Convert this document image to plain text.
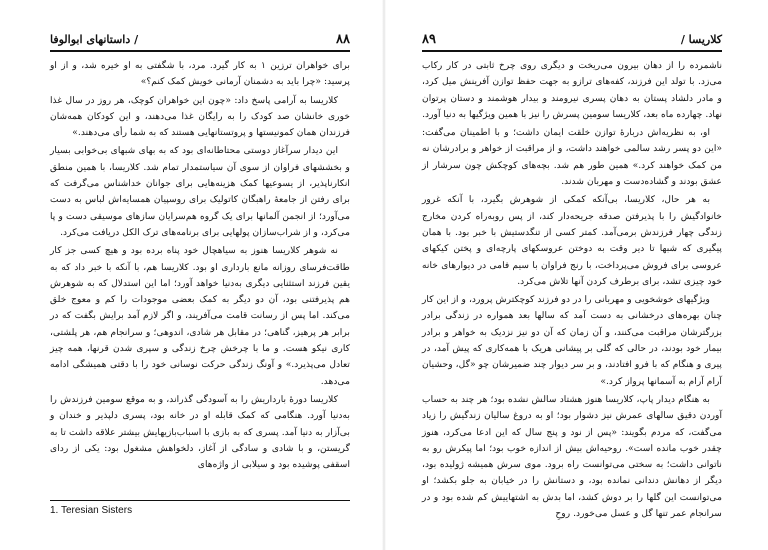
۸۸
/ داستانهای ابوالوفا

برای خواهران ترزین ۱ به کار گیرد. مرد، با شگفتی به او خیره شد، و از او پرسید: «چرا باید به دشمنان آرمانی خویش کمک کنم؟»

کلاریسا به آرامی پاسخ داد: «چون این خواهران کوچک، هر روز در سال غذا خوری خانشان صد کودک را به رایگان غذا می‌دهند، و این کودکان همه‌شان فرزندان همان کمونیستها و پروتستانهایی هستند که به شما رأی می‌دهند.»

این دیدار سرآغاز دوستی محتاطانه‌ای بود که به بهای شبهای بی‌خوابی بسیار و بخششهای فراوان از سوی آن سیاستمدار تمام شد. کلاریسا، با همین منطق انکارناپذیر، از یسوعیها کمک هزینه‌هایی برای جوانان خداشناس می‌گرفت که برای رفتن از جامعهٔ راهبگان کاتولیک برای روسپیان همسایه‌اش لباس به دست می‌آورد؛ از انجمن آلمانها برای یک گروه هم‌سرایان سازهای موسیقی دست و پا می‌کرد، و از شراب‌سازان پولهایی برای برنامه‌های ترک الکل دریافت می‌کرد.

نه شوهر کلاریسا هنوز به سیاهچال خود پناه برده بود و هیچ کسی جز کار طاقت‌فرسای روزانه مانع بارداری او بود. کلاریسا هم، با آنکه با خبر داد که به یقین فرزند استثنایی دیگری به‌دنیا خواهد آورد؛ اما این استدلال که به شوهرش هم پذیرفتنی بود، آن دو دیگر به کمک بعضی موجودات را کم و معوج خلق می‌کند. اما پس از رسانت قامت می‌آفریند، و اگر لازم آمد برایش بگفت که در برابر هر پرهیز، گناهی؛ در مقابل هر شادی، اندوهی؛ و سرانجام هم، هر پلشتی، کاری نیکو هست. و ما با چرخش چرخ زندگی و سپری شدن قرنها، همه چیز تعادل می‌پذیرد.» و آونگ زندگی حرکت نوسانی خود را با دقتی همیشگی ادامه می‌دهد.

کلاریسا دورهٔ بارداریش را به آسودگی گذراند، و به موقع سومین فرزندش را به‌دنیا آورد. هنگامی که کمک قابله او در خانه بود، پسری دلپذیر و خندان و بی‌آزار به دنیا آمد. پسری که به بازی با اسباب‌بازیهایش بیشتر علاقه داشت تا به گریستن، و با شادی و سادگی از آغاز، دلخواهش مشغول بود: یکی از ردای اسقفی پوشیده بود و سیلابی از واژه‌های

1. Teresian Sisters
کلاریسا /
۸۹

ناشمرده را از دهان بیرون می‌ریخت و دیگری روی چرخ ثابتی در کار رکاب می‌زد. با تولد این فرزند، کفه‌های ترازو به جهت حفظ توازن آفرینش میل کرد، و مادر دلشاد پستان به دهان پسری نیرومند و بیدار هوشمند و دستان پرتوان نهاد. چهارده ماه بعد، کلاریسا سومین پسرش را نیز با همین ویژگیها به دنیا آورد.

او، به نظریه‌اش دربارهٔ توازن خلقت ایمان داشت؛ و با اطمینان می‌گفت: «این دو پسر رشد سالمی خواهند داشت، و از مراقبت از خواهر و برادرشان نه من کمک خواهند کرد.» همین طور هم شد. بچه‌های کوچکش چون سرشار از عشق بودند و گشاده‌دست و مهربان شدند.

به هر حال، کلاریسا، بی‌آنکه کمکی از شوهرش بگیرد، با آنکه غرور خانوادگیش را با پذیرفتن صدقه جریحه‌دار کند، از پس روبه‌راه کردن مخارج زندگی چهار فرزندش برمی‌آمد. کمتر کسی از تنگدستیش با خبر بود. با همان پیگیری که شبها تا دیر وقت به دوختن عروسکهای پارچه‌ای و پختن کیکهای عروسی برای فروش می‌پرداخت، با رنج فراوان با سیم فامی در دیوارهای خانه خود چیزی تشد، برای برطرف کردن آنها تلاش می‌کرد.

ویژگیهای خوشخویی و مهربانی را در دو فرزند کوچکترش پرورد، و از این کار چنان بهره‌های درخشانی به دست آمد که سالها بعد همواره در زندگی برادر بزرگترشان مراقبت می‌کنند، و آن زمان که آن دو نیز نزدیک به خواهر و برادر بیمار خود بودند، در حالی که گلی بر پیشانی هریک با همه‌کاری که پیش آمد، در پیری و هنگام که با فرو افتادند، و بر سر دیوار چند ضمیرشان چو «گل، وحشیان آرام آرام به آسمانها پرواز کرد.»

به هنگام دیدار پاپ، کلاریسا هنوز هشتاد سالش نشده بود؛ هر چند به حساب آوردن دقیق سالهای عمرش نیز دشوار بود؛ او به دروغ سالیان زندگیش را زیاد می‌گفت، که مردم بگویند: «پس از نود و پنج سال که این ادعا می‌کرد، هنوز چقدر خوب مانده است». روحیه‌اش بیش از اندازه خوب بود؛ اما پیکرش رو به ناتوانی داشت؛ به سختی می‌توانست راه برود. موی سرش همیشه ژولیده بود، دیگر از دهانش دندانی نمانده بود، و دستانش را در خیابان به جلو بکشد؛ او می‌توانست این گلها را بر دوش کشد، اما بدش به اشتهاییش کم شده بود و در سرانجام عمر تنها گل و عسل می‌خورد. روحِ
